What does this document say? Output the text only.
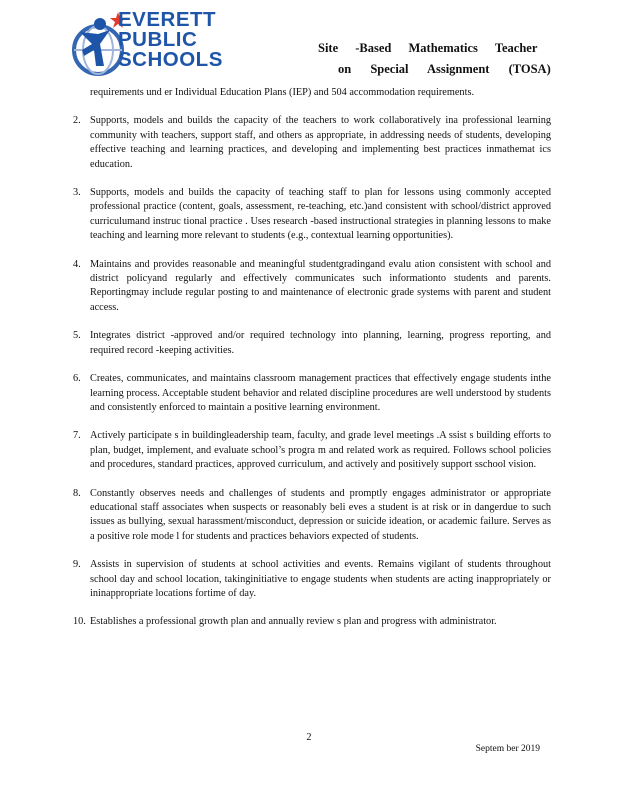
EVERETT
PUBLIC
SCHOOLS	Site -Based Mathematics Teacher
on Special Assignment (TOSA)
requirements und er Individual Education Plans (IEP) and 504 accommodation requirements.
2. Supports, models and builds the capacity of the teachers to work collaboratively ina professional learning community with teachers, support staff, and others as appropriate, in addressing needs of students, developing effective teaching and learning practices, and developing and implementing best practices inmathemat ics education.
3. Supports, models and builds the capacity of teaching staff to plan for lessons using commonly accepted professional practice (content, goals, assessment, re-teaching, etc.)and consistent with school/district approved curriculumand instruc tional practice . Uses research -based instructional strategies in planning lessons to make teaching and learning more relevant to students (e.g., contextual learning opportunities).
4. Maintains and provides reasonable and meaningful studentgradingand evalu ation consistent with school and district policyand regularly and effectively communicates such informationto students and parents. Reportingmay include regular posting to and maintenance of electronic grade systems with parent and student access.
5. Integrates district -approved and/or required technology into planning, learning, progress reporting, and required record -keeping activities.
6. Creates, communicates, and maintains classroom management practices that effectively engage students inthe learning process. Acceptable student behavior and related discipline procedures are well understood by students and consistently enforced to maintain a positive learning environment.
7. Actively participate s in buildingleadership team, faculty, and grade level meetings .A ssist s building efforts to plan, budget, implement, and evaluate school’s progra m and related work as required. Follows school policies and procedures, standard practices, approved curriculum, and actively and positively support sschool vision.
8. Constantly observes needs and challenges of students and promptly engages administrator or appropriate educational staff associates when suspects or reasonably beli eves a student is at risk or in dangerdue to such issues as bullying, sexual harassment/misconduct, depression or suicide ideation, or academic failure. Serves as a positive role mode l for students and practices behaviors expected of students.
9. Assists in supervision of students at school activities and events. Remains vigilant of students throughout school day and school location, takinginitiative to engage students when students are acting inappropriately or ininappropriate locations fortime of day.
10. Establishes a professional growth plan and annually review s plan and progress with administrator.
2
Septem ber 2019
